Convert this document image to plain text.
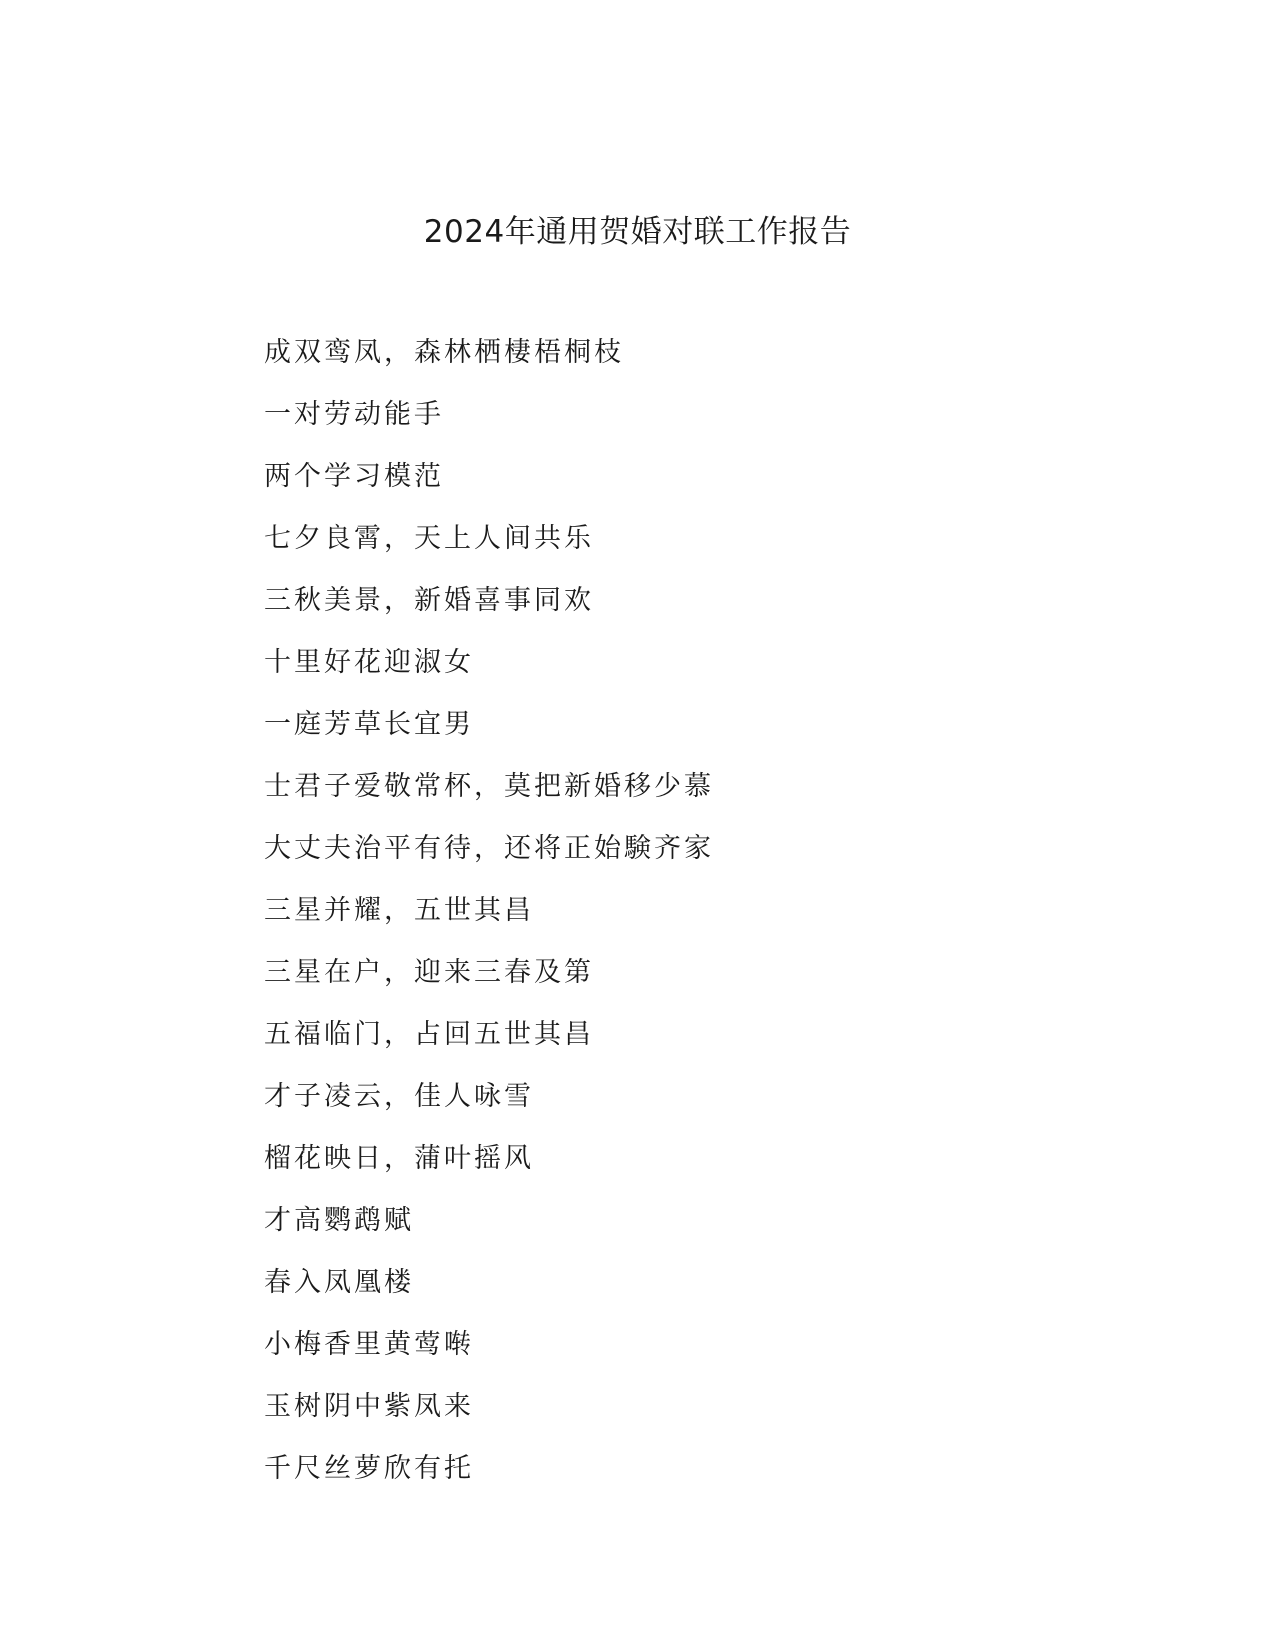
2024年通用贺婚对联工作报告
成双鸾凤，森林栖棲梧桐枝
一对劳动能手
两个学习模范
七夕良霄，天上人间共乐
三秋美景，新婚喜事同欢
十里好花迎淑女
一庭芳草长宜男
士君子爱敬常杯，莫把新婚移少慕
大丈夫治平有待，还将正始験齐家
三星并耀，五世其昌
三星在户，迎来三春及第
五福临门，占回五世其昌
才子凌云，佳人咏雪
榴花映日，蒲叶摇风
才高鹦鹉赋
春入凤凰楼
小梅香里黄莺啭
玉树阴中紫凤来
千尺丝萝欣有托
